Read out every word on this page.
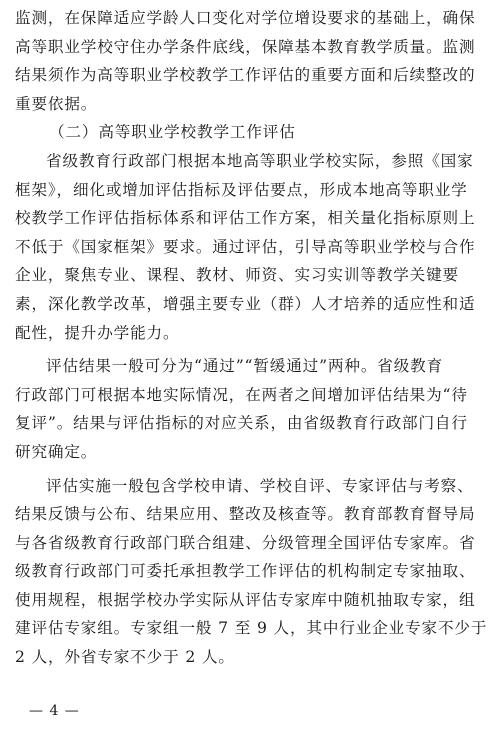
监测，在保障适应学龄人口变化对学位增设要求的基础上，确保
高等职业学校守住办学条件底线，保障基本教育教学质量。监测
结果须作为高等职业学校教学工作评估的重要方面和后续整改的
重要依据。
（二）高等职业学校教学工作评估
省级教育行政部门根据本地高等职业学校实际，参照《国家
框架》，细化或增加评估指标及评估要点，形成本地高等职业学
校教学工作评估指标体系和评估工作方案，相关量化指标原则上
不低于《国家框架》要求。通过评估，引导高等职业学校与合作
企业，聚焦专业、课程、教材、师资、实习实训等教学关键要
素，深化教学改革，增强主要专业（群）人才培养的适应性和适
配性，提升办学能力。
评估结果一般可分为“通过”“暂缓通过”两种。省级教育
行政部门可根据本地实际情况，在两者之间增加评估结果为“待
复评”。结果与评估指标的对应关系，由省级教育行政部门自行
研究确定。
评估实施一般包含学校申请、学校自评、专家评估与考察、
结果反馈与公布、结果应用、整改及核查等。教育部教育督导局
与各省级教育行政部门联合组建、分级管理全国评估专家库。省
级教育行政部门可委托承担教学工作评估的机构制定专家抽取、
使用规程，根据学校办学实际从评估专家库中随机抽取专家，组
建评估专家组。专家组一般 7 至 9 人，其中行业企业专家不少于
2 人，外省专家不少于 2 人。
— 4 —
